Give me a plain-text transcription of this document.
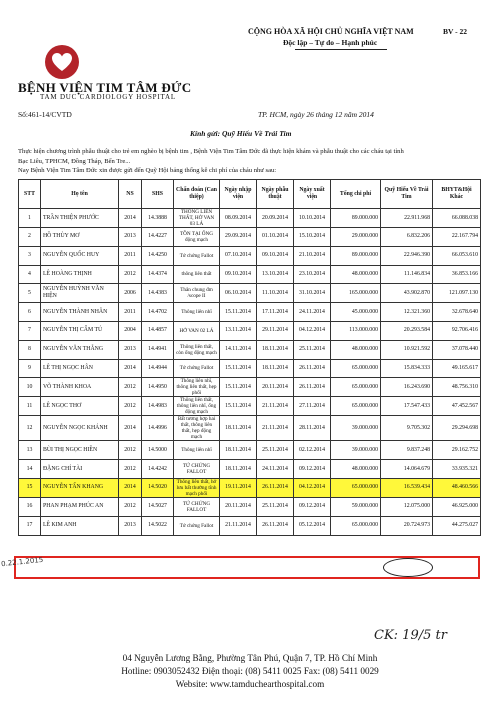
BỆNH VIỆN TIM TÂM ĐỨC
TAM DUC CARDIOLOGY HOSPITAL
Số:461-14/CVTD
BV - 22
CỘNG HÒA XÃ HỘI CHỦ NGHĨA VIỆT NAM
Độc lập – Tự do – Hạnh phúc
TP. HCM, ngày 26 tháng 12 năm 2014
Kính gửi: Quỹ Hiếu Về Trái Tim
Thực hiện chương trình phẫu thuật cho trẻ em nghèo bị bệnh tim , Bệnh Viện Tim Tâm Đức đã thực hiện khám và phẫu thuật cho các cháu tại tỉnh
Bạc Liêu, TPHCM, Đồng Tháp, Bến Tre...
Nay Bệnh Viện Tim Tâm Đức xin được gửi đến Quỹ Hội bảng thống kê chi phí của cháu như sau:
STT	Họ tên	NS	SHS	Chẩn đoán (Can thiệp)	Ngày nhập viện	Ngày phẫu thuật	Ngày xuất viện	Tổng chi phí	Quỹ Hiếu Về Trái Tim	BHYT&Hội Khác
1	TRẦN THIỆN PHƯỚC	2014	14.3888	THÔNG LIÊN THẤT, HỞ VAN 03 LÁ	08.09.2014	20.09.2014	10.10.2014	89.000.000	22.911.968	66.088.038
2	HỒ THÙY MƠ	2013	14.4227	TỒN TẠI ỐNG động mạch	29.09.2014	01.10.2014	15.10.2014	29.000.000	6.832.206	22.167.794
3	NGUYỄN QUỐC HUY	2011	14.4250	Tứ chứng Fallot	07.10.2014	09.10.2014	21.10.2014	89.000.000	22.946.390	66.053.610
4	LÊ HOÀNG THỊNH	2012	14.4374	thông liên thất	09.10.2014	13.10.2014	23.10.2014	48.000.000	11.146.834	36.853.166
5	NGUYỄN HUỲNH VĂN HIỆN	2006	14.4383	Thân chung đm /scope II	06.10.2014	11.10.2014	31.10.2014	165.000.000	43.902.870	121.097.130
6	NGUYỄN THÀNH NHÂN	2011	14.4702	Thông liên nhĩ	15.11.2014	17.11.2014	24.11.2014	45.000.000	12.321.360	32.678.640
7	NGUYỄN THỊ CẨM TÚ	2004	14.4857	HỞ VAN 02 LÁ	13.11.2014	29.11.2014	04.12.2014	113.000.000	20.293.584	92.706.416
8	NGUYỄN VĂN THẮNG	2013	14.4941	Thông liên thất, còn ống động mạch	14.11.2014	18.11.2014	25.11.2014	48.000.000	10.921.592	37.078.440
9	LÊ THỊ NGỌC HÂN	2014	14.4944	Tứ chứng Fallot	15.11.2014	18.11.2014	26.11.2014	65.000.000	15.834.333	49.165.617
10	VÕ THÀNH KHOA	2012	14.4950	Thông liên nhĩ, thông liên thất, hẹp phổi	15.11.2014	20.11.2014	26.11.2014	65.000.000	16.243.690	48.756.310
11	LÊ NGỌC THƠ	2012	14.4983	Thông liên thất, thông liên nhĩ, ống động mạch	15.11.2014	21.11.2014	27.11.2014	65.000.000	17.547.433	47.452.567
12	NGUYỄN NGỌC KHÁNH	2014	14.4996	Bất tương hợp hai thất, thông liên thất, hẹp động mạch	18.11.2014	21.11.2014	28.11.2014	39.000.000	9.705.302	29.294.698
13	BÙI THỊ NGỌC HIỀN	2012	14.5000	Thông liên nhĩ	18.11.2014	25.11.2014	02.12.2014	39.000.000	9.837.248	29.162.752
14	ĐẶNG CHÍ TÀI	2012	14.4242	TỨ CHỨNG FALLOT	18.11.2014	24.11.2014	09.12.2014	48.000.000	14.064.679	33.935.321
15	NGUYỄN TẤN KHANG	2014	14.5020	Thông liên thất, hở lưu bất thường tĩnh mạch phổi	19.11.2014	26.11.2014	04.12.2014	65.000.000	16.539.434	48.460.566
16	PHAN PHẠM PHÚC AN	2012	14.5027	TỨ CHỨNG FALLOT	20.11.2014	25.11.2014	09.12.2014	59.000.000	12.075.000	46.925.000
17	LÊ KIM ANH	2013	14.5022	Tứ chứng Fallot	21.11.2014	26.11.2014	05.12.2014	65.000.000	20.724.973	44.275.027
0.22.1.2015
CK: 19/5 tr
04 Nguyễn Lương Bằng, Phường Tân Phú, Quận 7, TP. Hồ Chí Minh
Hotline: 0903052432 Điện thoại: (08) 5411 0025 Fax: (08) 5411 0029
Website: www.tamduchearthospital.com
